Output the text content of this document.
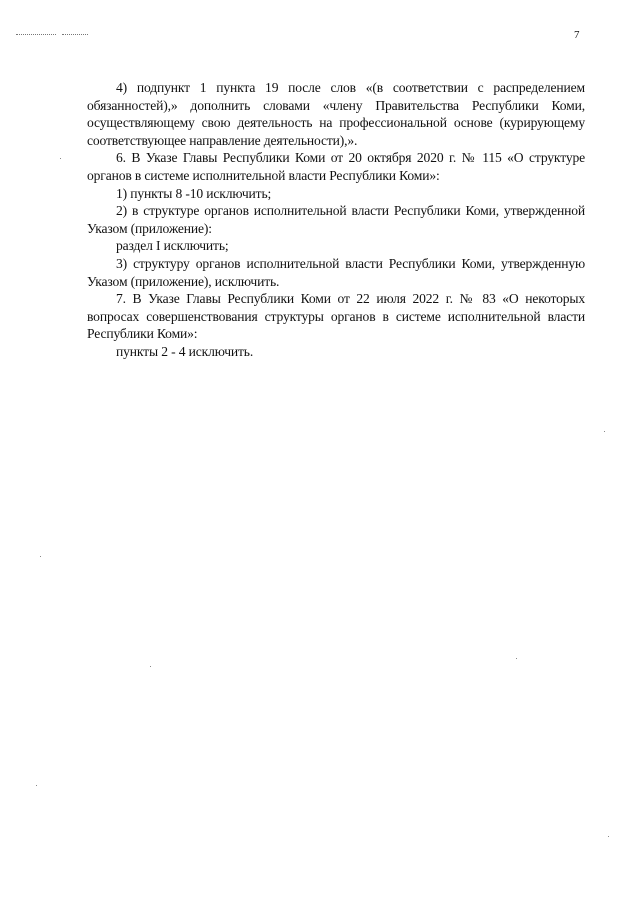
7

4) подпункт 1 пункта 19 после слов «(в соответствии с распределением обязанностей),» дополнить словами «члену Правительства Республики Коми, осуществляющему свою деятельность на профессиональной основе (курирующему соответствующее направление деятельности),».

6. В Указе Главы Республики Коми от 20 октября 2020 г. № 115 «О структуре органов в системе исполнительной власти Республики Коми»:

1) пункты 8 -10 исключить;

2) в структуре органов исполнительной власти Республики Коми, утвержденной Указом (приложение):

раздел I исключить;

3) структуру органов исполнительной власти Республики Коми, утвержденную Указом (приложение), исключить.

7. В Указе Главы Республики Коми от 22 июля 2022 г. № 83 «О некоторых вопросах совершенствования структуры органов в системе исполнительной власти Республики Коми»:

пункты 2 - 4 исключить.
